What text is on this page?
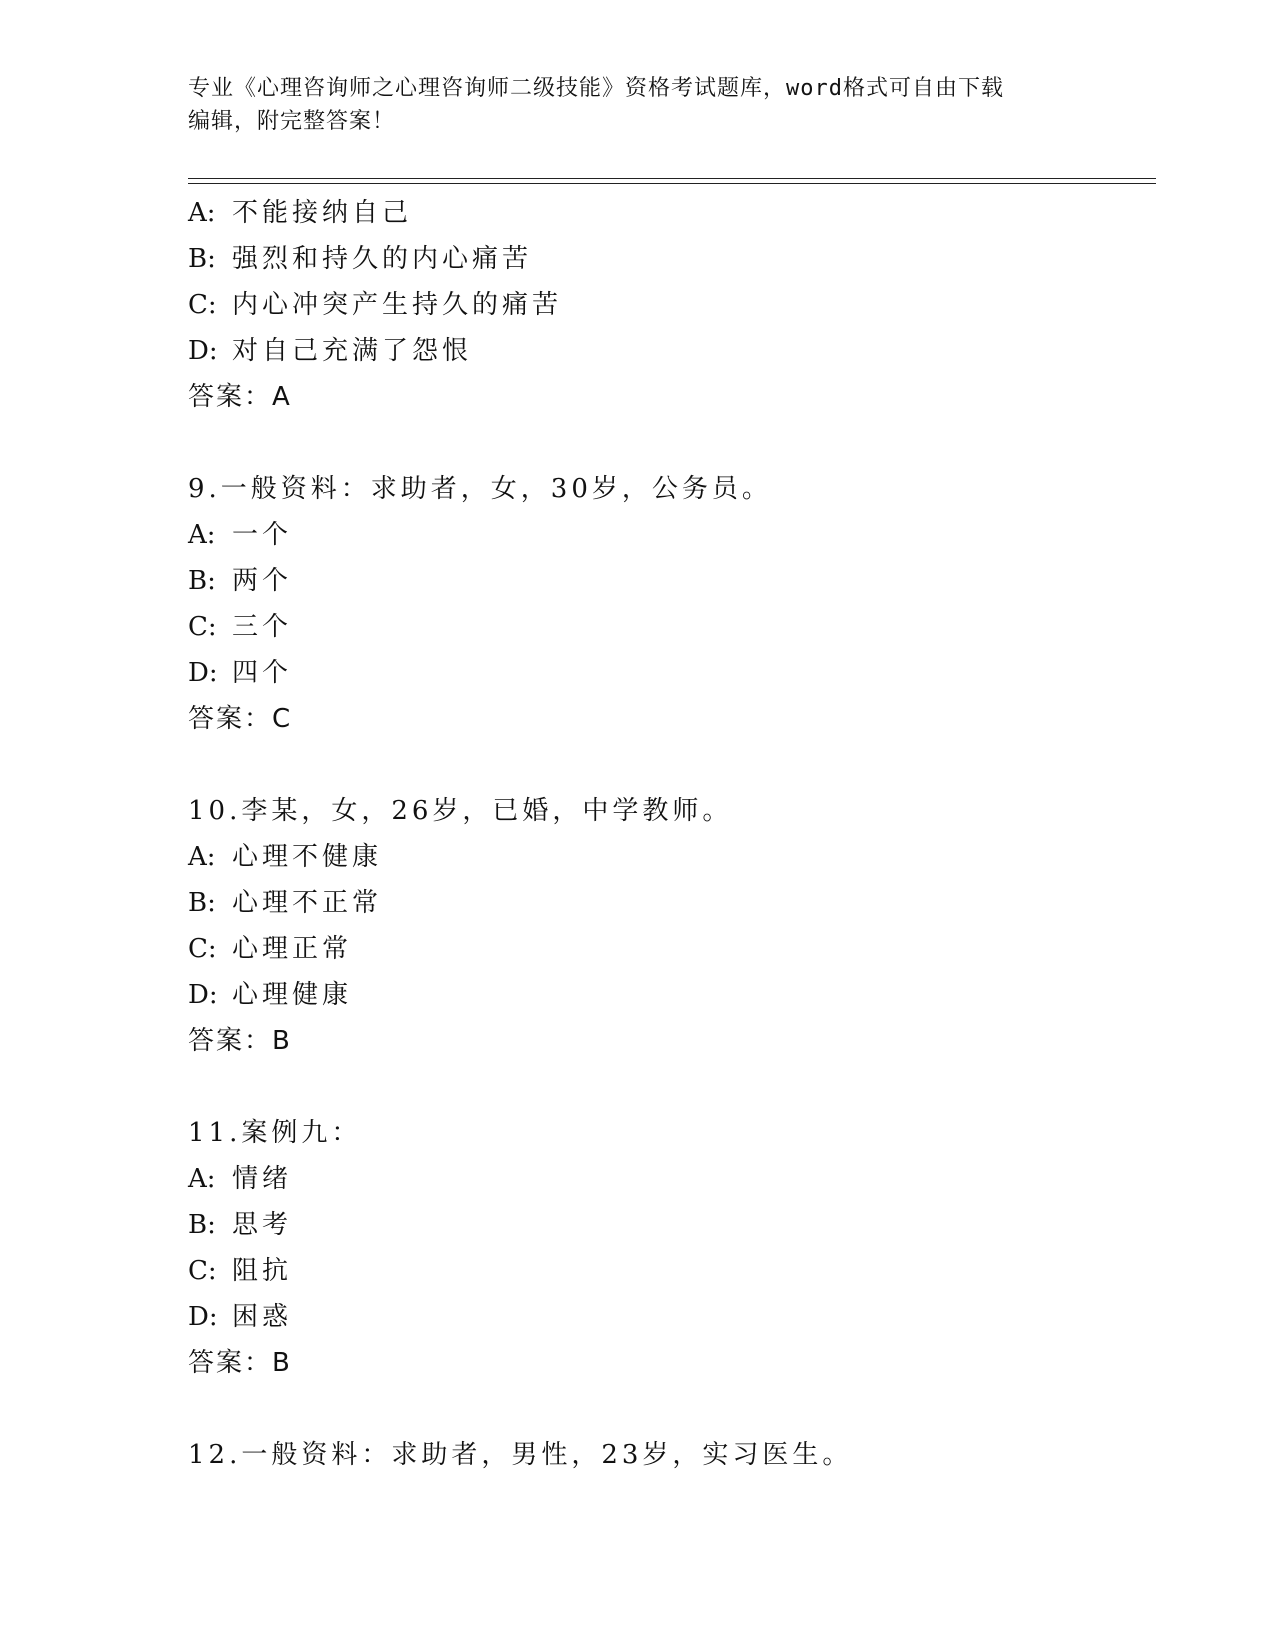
专业《心理咨询师之心理咨询师二级技能》资格考试题库，word格式可自由下载
编辑，附完整答案！
A: 不能接纳自己
B: 强烈和持久的内心痛苦
C: 内心冲突产生持久的痛苦
D: 对自己充满了怨恨
答案：A
9.一般资料：求助者，女，30岁，公务员。
A: 一个
B: 两个
C: 三个
D: 四个
答案：C
10.李某，女，26岁，已婚，中学教师。
A: 心理不健康
B: 心理不正常
C: 心理正常
D: 心理健康
答案：B
11.案例九：
A: 情绪
B: 思考
C: 阻抗
D: 困惑
答案：B
12.一般资料：求助者，男性，23岁，实习医生。
